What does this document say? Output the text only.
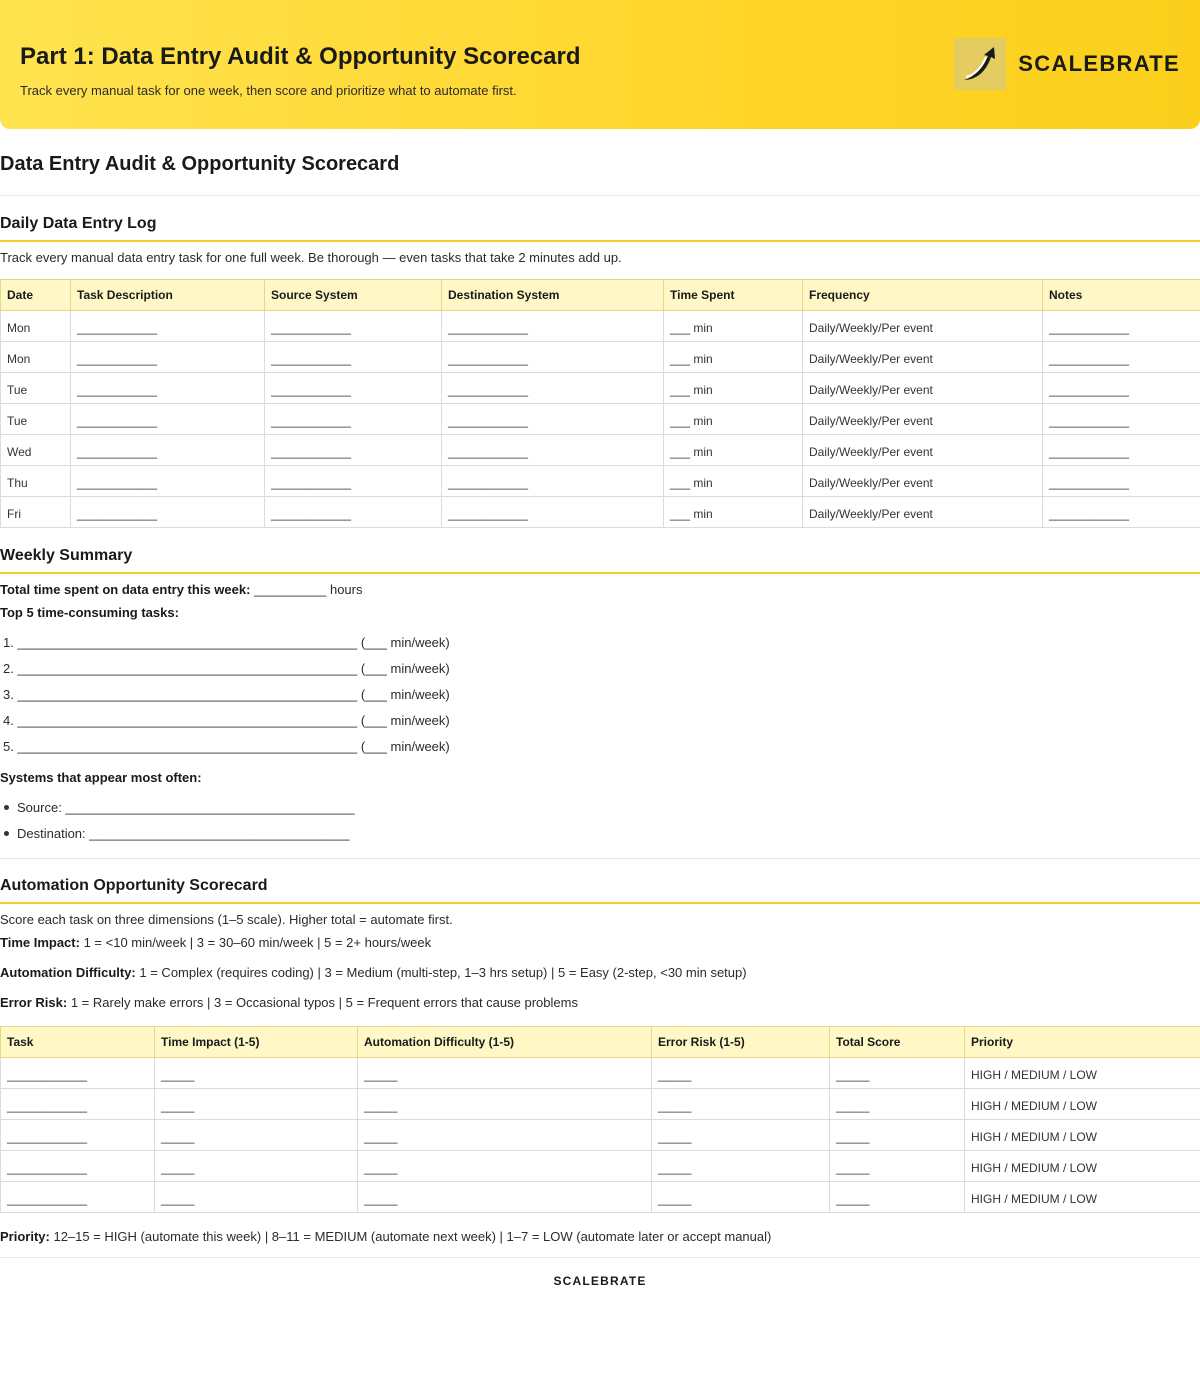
Part 1: Data Entry Audit & Opportunity Scorecard
Track every manual task for one week, then score and prioritize what to automate first.
SCALEBRATE
Data Entry Audit & Opportunity Scorecard
Daily Data Entry Log

Track every manual data entry task for one full week. Be thorough — even tasks that take 2 minutes add up.

Date	Task Description	Source System	Destination System	Time Spent	Frequency	Notes
Mon	____________	____________	____________	___ min	Daily/Weekly/Per event	____________
Mon	____________	____________	____________	___ min	Daily/Weekly/Per event	____________
Tue	____________	____________	____________	___ min	Daily/Weekly/Per event	____________
Tue	____________	____________	____________	___ min	Daily/Weekly/Per event	____________
Wed	____________	____________	____________	___ min	Daily/Weekly/Per event	____________
Thu	____________	____________	____________	___ min	Daily/Weekly/Per event	____________
Fri	____________	____________	____________	___ min	Daily/Weekly/Per event	____________
Weekly Summary

Total time spent on data entry this week: __________ hours

Top 5 time-consuming tasks:

1. _______________________________________________ (___ min/week)
2. _______________________________________________ (___ min/week)
3. _______________________________________________ (___ min/week)
4. _______________________________________________ (___ min/week)
5. _______________________________________________ (___ min/week)

Systems that appear most often:

Source: ________________________________________
Destination: ____________________________________
Automation Opportunity Scorecard

Score each task on three dimensions (1–5 scale). Higher total = automate first.

Time Impact: 1 = <10 min/week | 3 = 30–60 min/week | 5 = 2+ hours/week

Automation Difficulty: 1 = Complex (requires coding) | 3 = Medium (multi-step, 1–3 hrs setup) | 5 = Easy (2-step, <30 min setup)

Error Risk: 1 = Rarely make errors | 3 = Occasional typos | 5 = Frequent errors that cause problems

Task	Time Impact (1-5)	Automation Difficulty (1-5)	Error Risk (1-5)	Total Score	Priority
____________	_____	_____	_____	_____	HIGH / MEDIUM / LOW
____________	_____	_____	_____	_____	HIGH / MEDIUM / LOW
____________	_____	_____	_____	_____	HIGH / MEDIUM / LOW
____________	_____	_____	_____	_____	HIGH / MEDIUM / LOW
____________	_____	_____	_____	_____	HIGH / MEDIUM / LOW

Priority: 12–15 = HIGH (automate this week) | 8–11 = MEDIUM (automate next week) | 1–7 = LOW (automate later or accept manual)

SCALEBRATE
